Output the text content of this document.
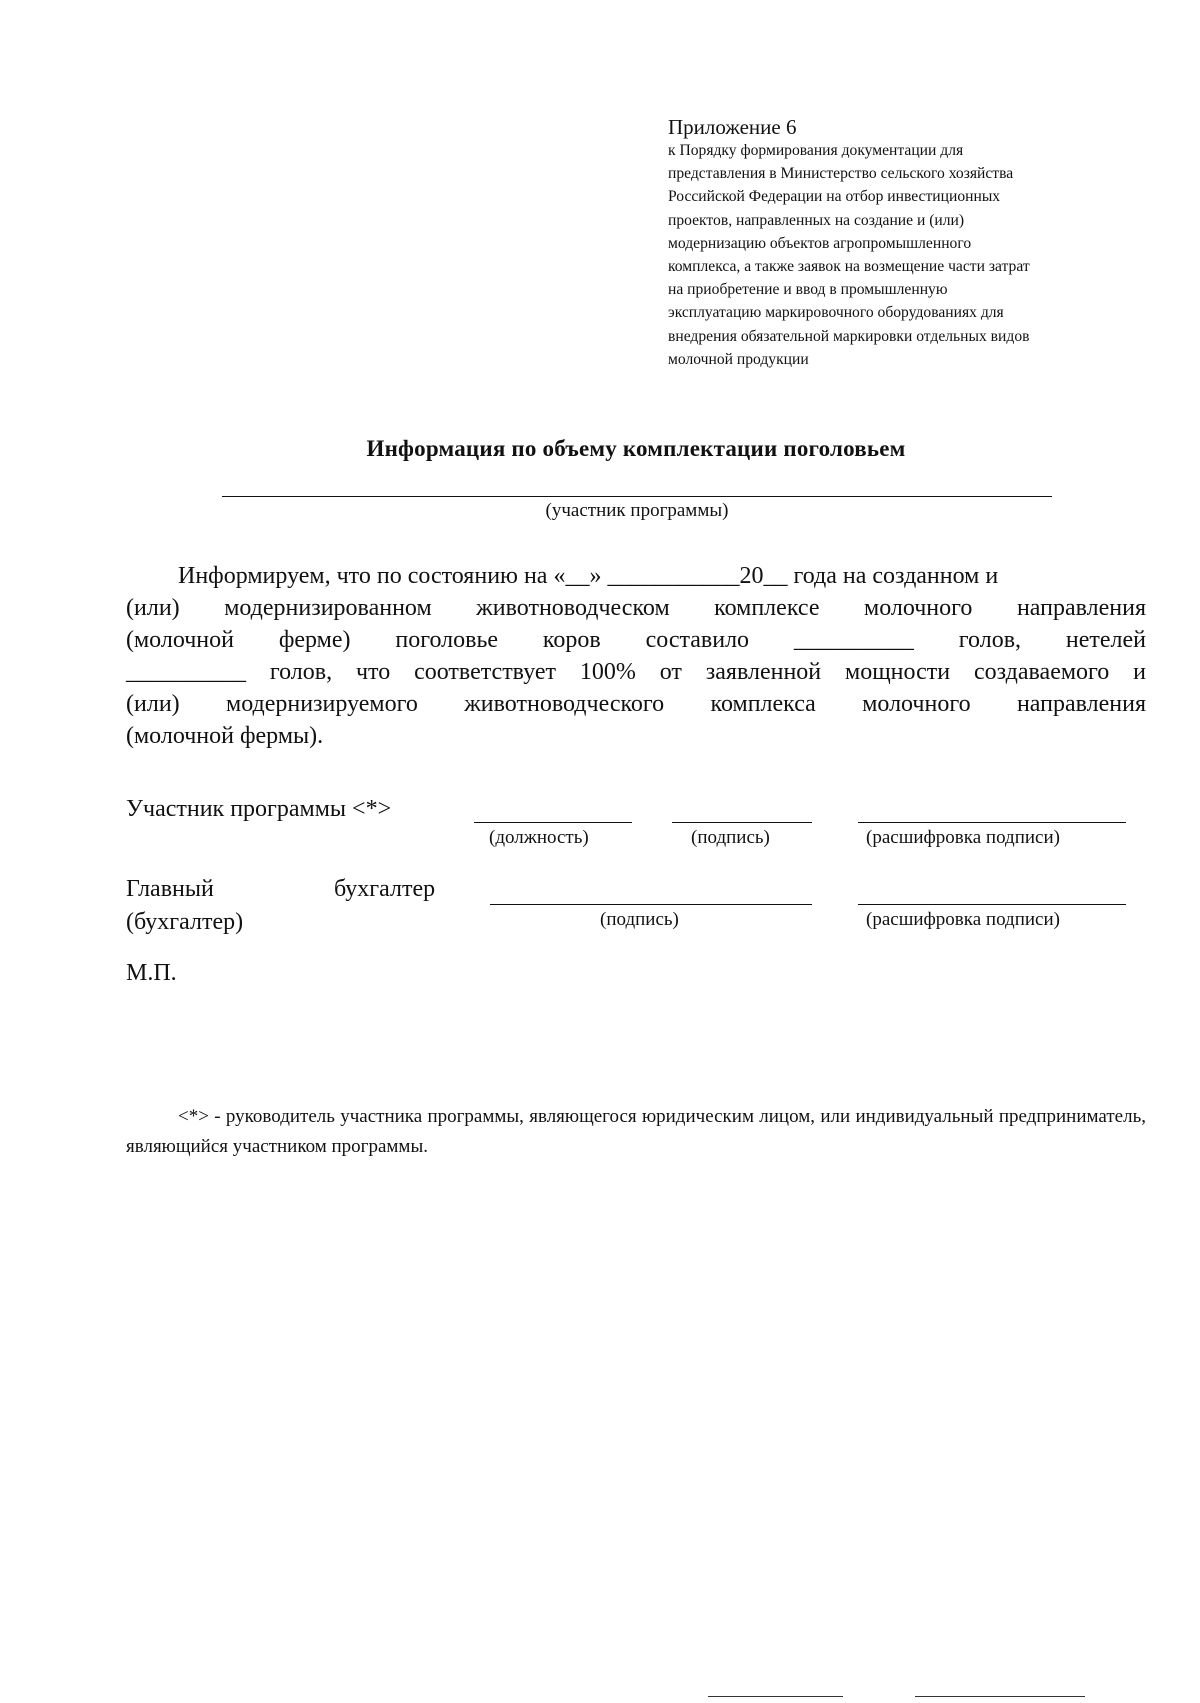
Приложение 6
к Порядку формирования документации для
представления в Министерство сельского хозяйства
Российской Федерации на отбор инвестиционных
проектов, направленных на создание и (или)
модернизацию объектов агропромышленного
комплекса, а также заявок на возмещение части затрат
на приобретение и ввод в промышленную
эксплуатацию маркировочного оборудованиях для
внедрения обязательной маркировки отдельных видов
молочной продукции
Информация по объему комплектации поголовьем
(участник программы)
Информируем, что по состоянию на «__» ___________20__ года на созданном и
(или) модернизированном животноводческом комплексе молочного направления
(молочной ферме) поголовье коров составило __________ голов, нетелей
__________ голов, что соответствует 100% от заявленной мощности создаваемого и
(или) модернизируемого животноводческого комплекса молочного направления
(молочной фермы).
Участник программы <*>
(должность)	(подпись)	(расшифровка подписи)
Главный	бухгалтер
(бухгалтер)	(подпись)	(расшифровка подписи)
М.П.
<*> - руководитель участника программы, являющегося юридическим лицом, или индивидуальный предприниматель, являющийся участником программы.
